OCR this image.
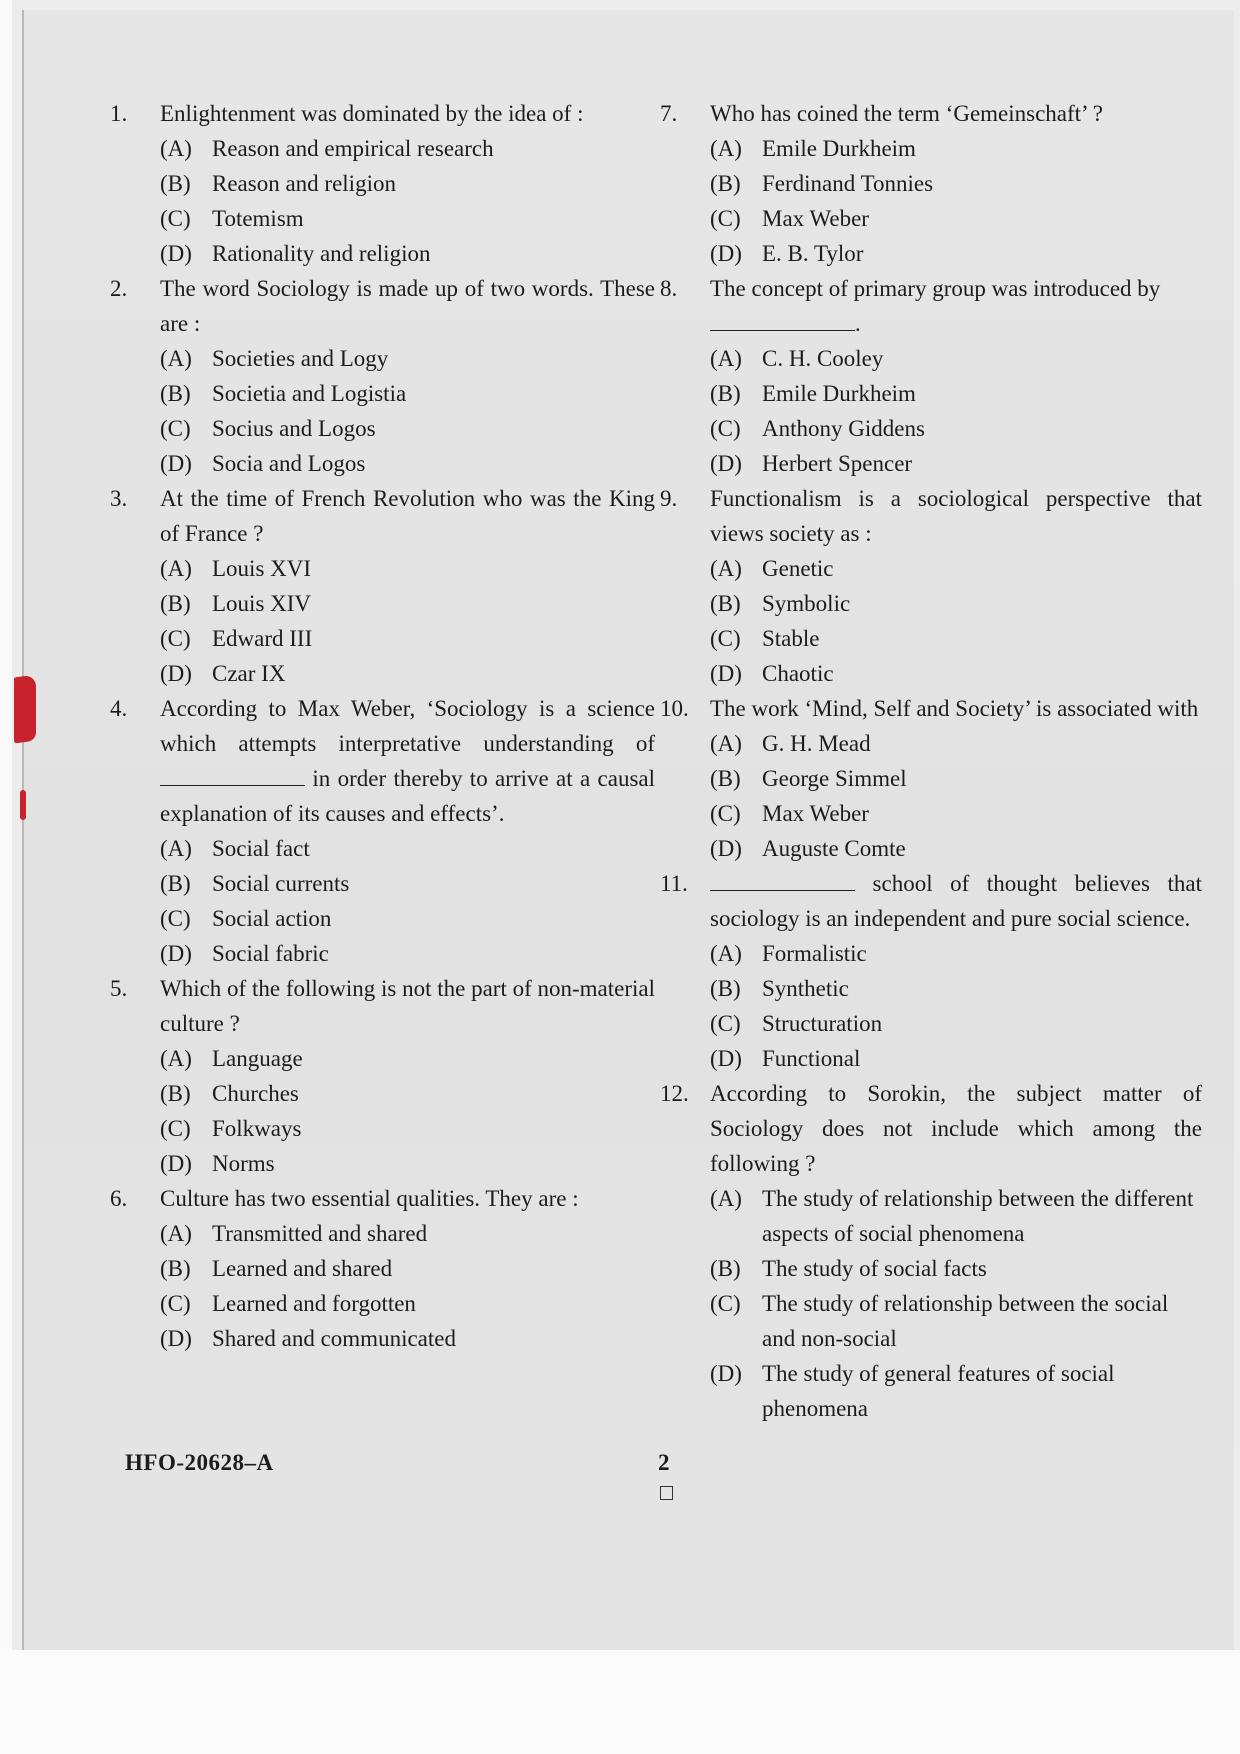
1.	Enlightenment was dominated by the idea of :
(A) Reason and empirical research
(B) Reason and religion
(C) Totemism
(D) Rationality and religion
2.	The word Sociology is made up of two words. These are :
(A) Societies and Logy
(B) Societia and Logistia
(C) Socius and Logos
(D) Socia and Logos
3.	At the time of French Revolution who was the King of France ?
(A) Louis XVI
(B) Louis XIV
(C) Edward III
(D) Czar IX
4.	According to Max Weber, ‘Sociology is a science which attempts interpretative understanding of  in order thereby to arrive at a causal explanation of its causes and effects’.
(A) Social fact
(B) Social currents
(C) Social action
(D) Social fabric
5.	Which of the following is not the part of non-material culture ?
(A) Language
(B) Churches
(C) Folkways
(D) Norms
6.	Culture has two essential qualities. They are :
(A) Transmitted and shared
(B) Learned and shared
(C) Learned and forgotten
(D) Shared and communicated
7.	Who has coined the term ‘Gemeinschaft’ ?
(A) Emile Durkheim
(B) Ferdinand Tonnies
(C) Max Weber
(D) E. B. Tylor
8.	The concept of primary group was introduced by
.
(A) C. H. Cooley
(B) Emile Durkheim
(C) Anthony Giddens
(D) Herbert Spencer
9.	Functionalism is a sociological perspective that views society as :
(A) Genetic
(B) Symbolic
(C) Stable
(D) Chaotic
10. The work ‘Mind, Self and Society’ is associated with
(A) G. H. Mead
(B) George Simmel
(C) Max Weber
(D) Auguste Comte
11.	school of thought believes that sociology is an independent and pure social science.
(A) Formalistic
(B) Synthetic
(C) Structuration
(D) Functional
12. According to Sorokin, the subject matter of Sociology does not include which among the following ?
(A) The study of relationship between the different aspects of social phenomena
(B) The study of social facts
(C) The study of relationship between the social and non-social
(D) The study of general features of social phenomena
HFO-20628–A	2
